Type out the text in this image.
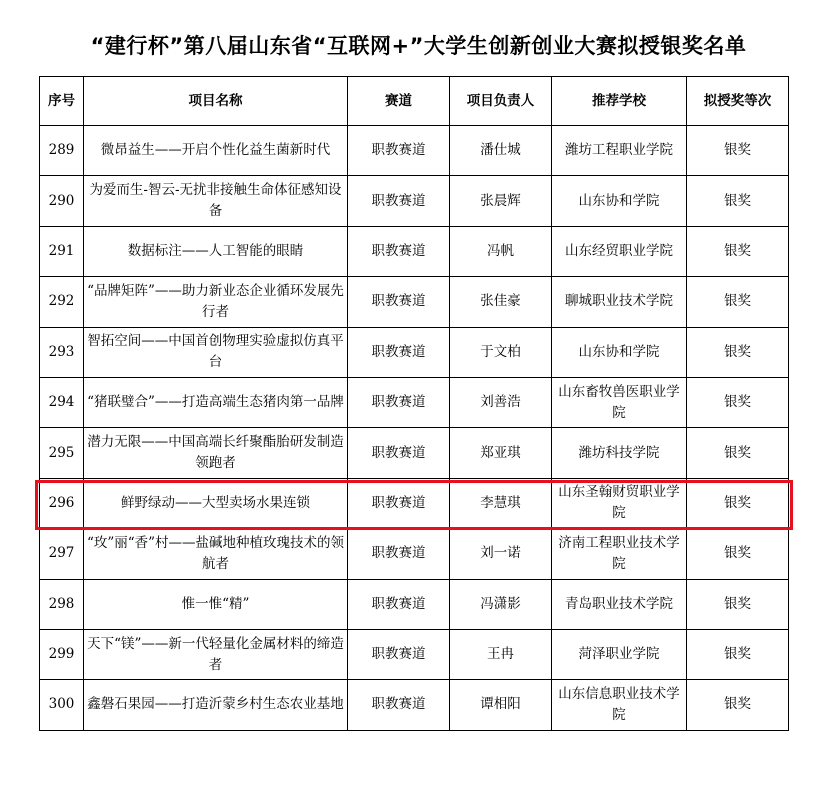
“建行杯”第八届山东省“互联网+”大学生创新创业大赛拟授银奖名单
序号	项目名称	赛道	项目负责人	推荐学校	拟授奖等次
289	微昂益生——开启个性化益生菌新时代	职教赛道	潘仕城	潍坊工程职业学院	银奖
290	为爱而生-智云-无扰非接触生命体征感知设备	职教赛道	张晨辉	山东协和学院	银奖
291	数据标注——人工智能的眼睛	职教赛道	冯帆	山东经贸职业学院	银奖
292	“品牌矩阵”——助力新业态企业循环发展先行者	职教赛道	张佳豪	聊城职业技术学院	银奖
293	智拓空间——中国首创物理实验虚拟仿真平台	职教赛道	于文柏	山东协和学院	银奖
294	“猪联璧合”——打造高端生态猪肉第一品牌	职教赛道	刘善浩	山东畜牧兽医职业学院	银奖
295	潜力无限——中国高端长纤聚酯胎研发制造领跑者	职教赛道	郑亚琪	潍坊科技学院	银奖
296	鲜野绿动——大型卖场水果连锁	职教赛道	李慧琪	山东圣翰财贸职业学院	银奖
297	“玫”丽“香”村——盐碱地种植玫瑰技术的领航者	职教赛道	刘一诺	济南工程职业技术学院	银奖
298	惟一惟“精”	职教赛道	冯潇影	青岛职业技术学院	银奖
299	天下“镁”——新一代轻量化金属材料的缔造者	职教赛道	王冉	菏泽职业学院	银奖
300	鑫磐石果园——打造沂蒙乡村生态农业基地	职教赛道	谭相阳	山东信息职业技术学院	银奖
